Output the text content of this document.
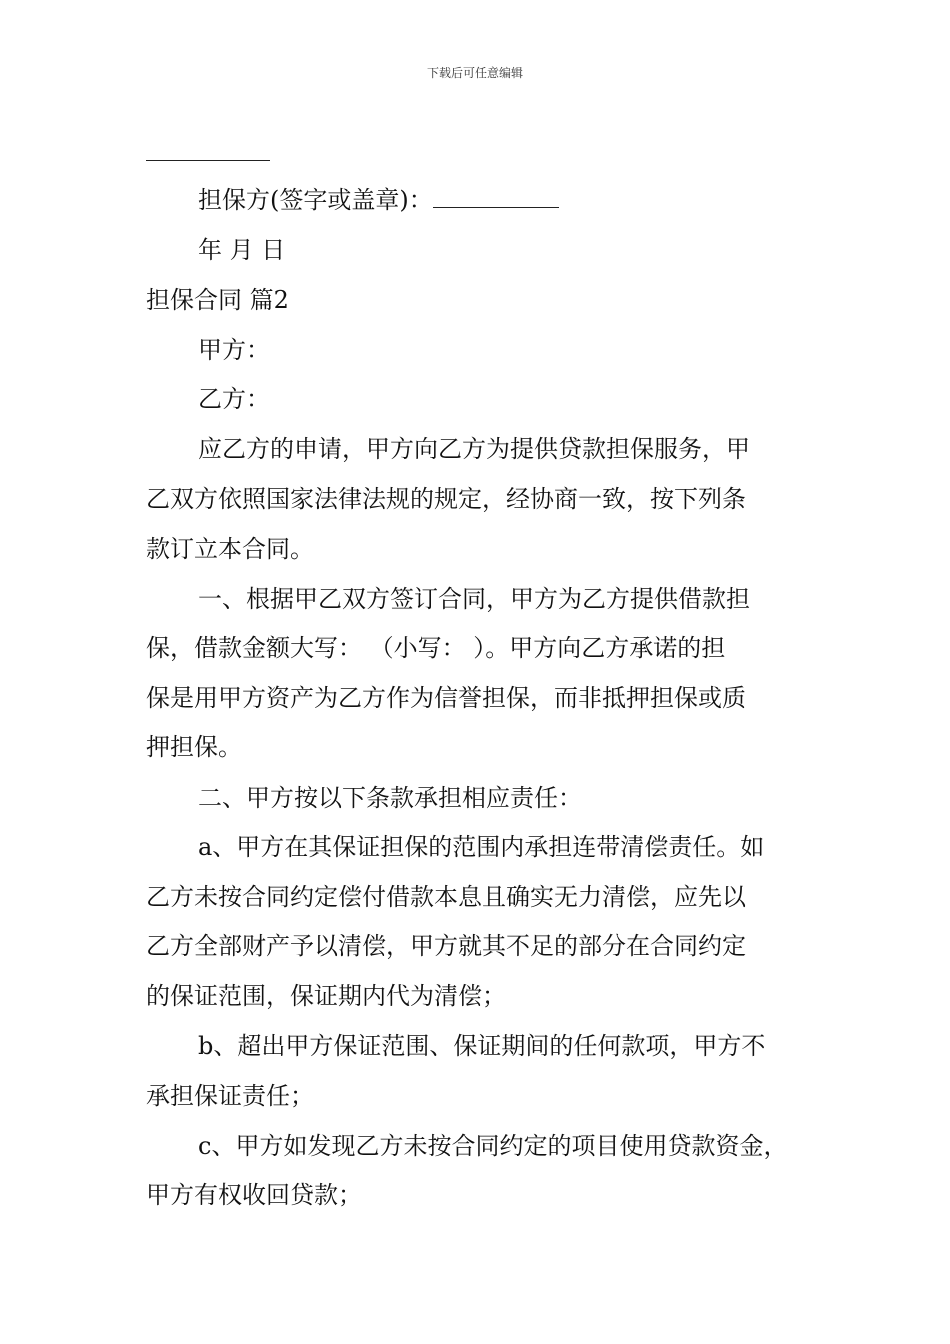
下载后可任意编辑
担保方(签字或盖章)：
年 月 日
担保合同 篇2
甲方：
乙方：
应乙方的申请，甲方向乙方为提供贷款担保服务，甲
乙双方依照国家法律法规的规定，经协商一致，按下列条
款订立本合同。
一、根据甲乙双方签订合同，甲方为乙方提供借款担
保，借款金额大写： （小写： ）。甲方向乙方承诺的担
保是用甲方资产为乙方作为信誉担保，而非抵押担保或质
押担保。
二、甲方按以下条款承担相应责任：
a、甲方在其保证担保的范围内承担连带清偿责任。如
乙方未按合同约定偿付借款本息且确实无力清偿，应先以
乙方全部财产予以清偿，甲方就其不足的部分在合同约定
的保证范围，保证期内代为清偿；
b、超出甲方保证范围、保证期间的任何款项，甲方不
承担保证责任；
c、甲方如发现乙方未按合同约定的项目使用贷款资金，
甲方有权收回贷款；
